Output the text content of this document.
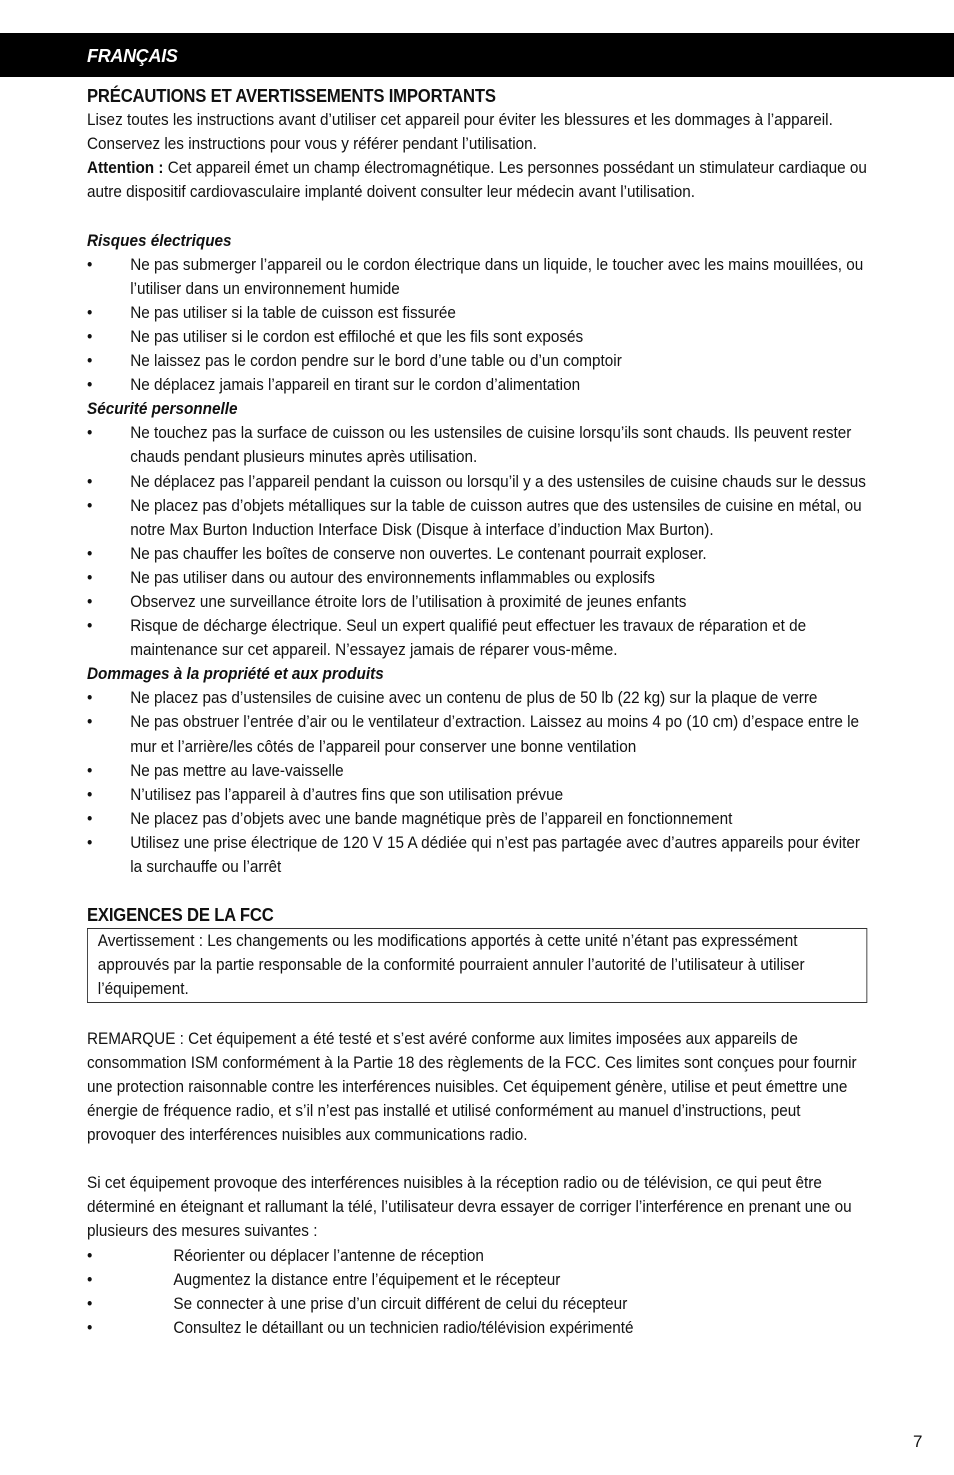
FRANÇAIS
PRÉCAUTIONS ET AVERTISSEMENTS IMPORTANTS

Lisez toutes les instructions avant d’utiliser cet appareil pour éviter les blessures et les dommages à l’appareil. Conservez les instructions pour vous y référer pendant l’utilisation.

Attention : Cet appareil émet un champ électromagnétique. Les personnes possédant un stimulateur cardiaque ou autre dispositif cardiovasculaire implanté doivent consulter leur médecin avant l’utilisation.

Risques électriques
• Ne pas submerger l’appareil ou le cordon électrique dans un liquide, le toucher avec les mains mouillées, ou l’utiliser dans un environnement humide
• Ne pas utiliser si la table de cuisson est fissurée
• Ne pas utiliser si le cordon est effiloché et que les fils sont exposés
• Ne laissez pas le cordon pendre sur le bord d’une table ou d’un comptoir
• Ne déplacez jamais l’appareil en tirant sur le cordon d’alimentation
Sécurité personnelle
• Ne touchez pas la surface de cuisson ou les ustensiles de cuisine lorsqu’ils sont chauds. Ils peuvent rester chauds pendant plusieurs minutes après utilisation.
• Ne déplacez pas l’appareil pendant la cuisson ou lorsqu’il y a des ustensiles de cuisine chauds sur le dessus
• Ne placez pas d’objets métalliques sur la table de cuisson autres que des ustensiles de cuisine en métal, ou notre Max Burton Induction Interface Disk (Disque à interface d’induction Max Burton).
• Ne pas chauffer les boîtes de conserve non ouvertes. Le contenant pourrait exploser.
• Ne pas utiliser dans ou autour des environnements inflammables ou explosifs
• Observez une surveillance étroite lors de l’utilisation à proximité de jeunes enfants
• Risque de décharge électrique. Seul un expert qualifié peut effectuer les travaux de réparation et de maintenance sur cet appareil. N’essayez jamais de réparer vous-même.
Dommages à la propriété et aux produits
• Ne placez pas d’ustensiles de cuisine avec un contenu de plus de 50 lb (22 kg) sur la plaque de verre
• Ne pas obstruer l’entrée d’air ou le ventilateur d’extraction. Laissez au moins 4 po (10 cm) d’espace entre le mur et l’arrière/les côtés de l’appareil pour conserver une bonne ventilation
• Ne pas mettre au lave-vaisselle
• N’utilisez pas l’appareil à d’autres fins que son utilisation prévue
• Ne placez pas d’objets avec une bande magnétique près de l’appareil en fonctionnement
• Utilisez une prise électrique de 120 V 15 A dédiée qui n’est pas partagée avec d’autres appareils pour éviter la surchauffe ou l’arrêt
EXIGENCES DE LA FCC

Avertissement : Les changements ou les modifications apportés à cette unité n’étant pas expressément approuvés par la partie responsable de la conformité pourraient annuler l’autorité de l’utilisateur à utiliser l’équipement.

REMARQUE : Cet équipement a été testé et s’est avéré conforme aux limites imposées aux appareils de consommation ISM conformément à la Partie 18 des règlements de la FCC. Ces limites sont conçues pour fournir une protection raisonnable contre les interférences nuisibles. Cet équipement génère, utilise et peut émettre une énergie de fréquence radio, et s’il n’est pas installé et utilisé conformément au manuel d’instructions, peut provoquer des interférences nuisibles aux communications radio.

Si cet équipement provoque des interférences nuisibles à la réception radio ou de télévision, ce qui peut être déterminé en éteignant et rallumant la télé, l’utilisateur devra essayer de corriger l’interférence en prenant une ou plusieurs des mesures suivantes :

•	Réorienter ou déplacer l’antenne de réception
•	Augmentez la distance entre l’équipement et le récepteur
•	Se connecter à une prise d’un circuit différent de celui du récepteur
•	Consultez le détaillant ou un technicien radio/télévision expérimenté
7
